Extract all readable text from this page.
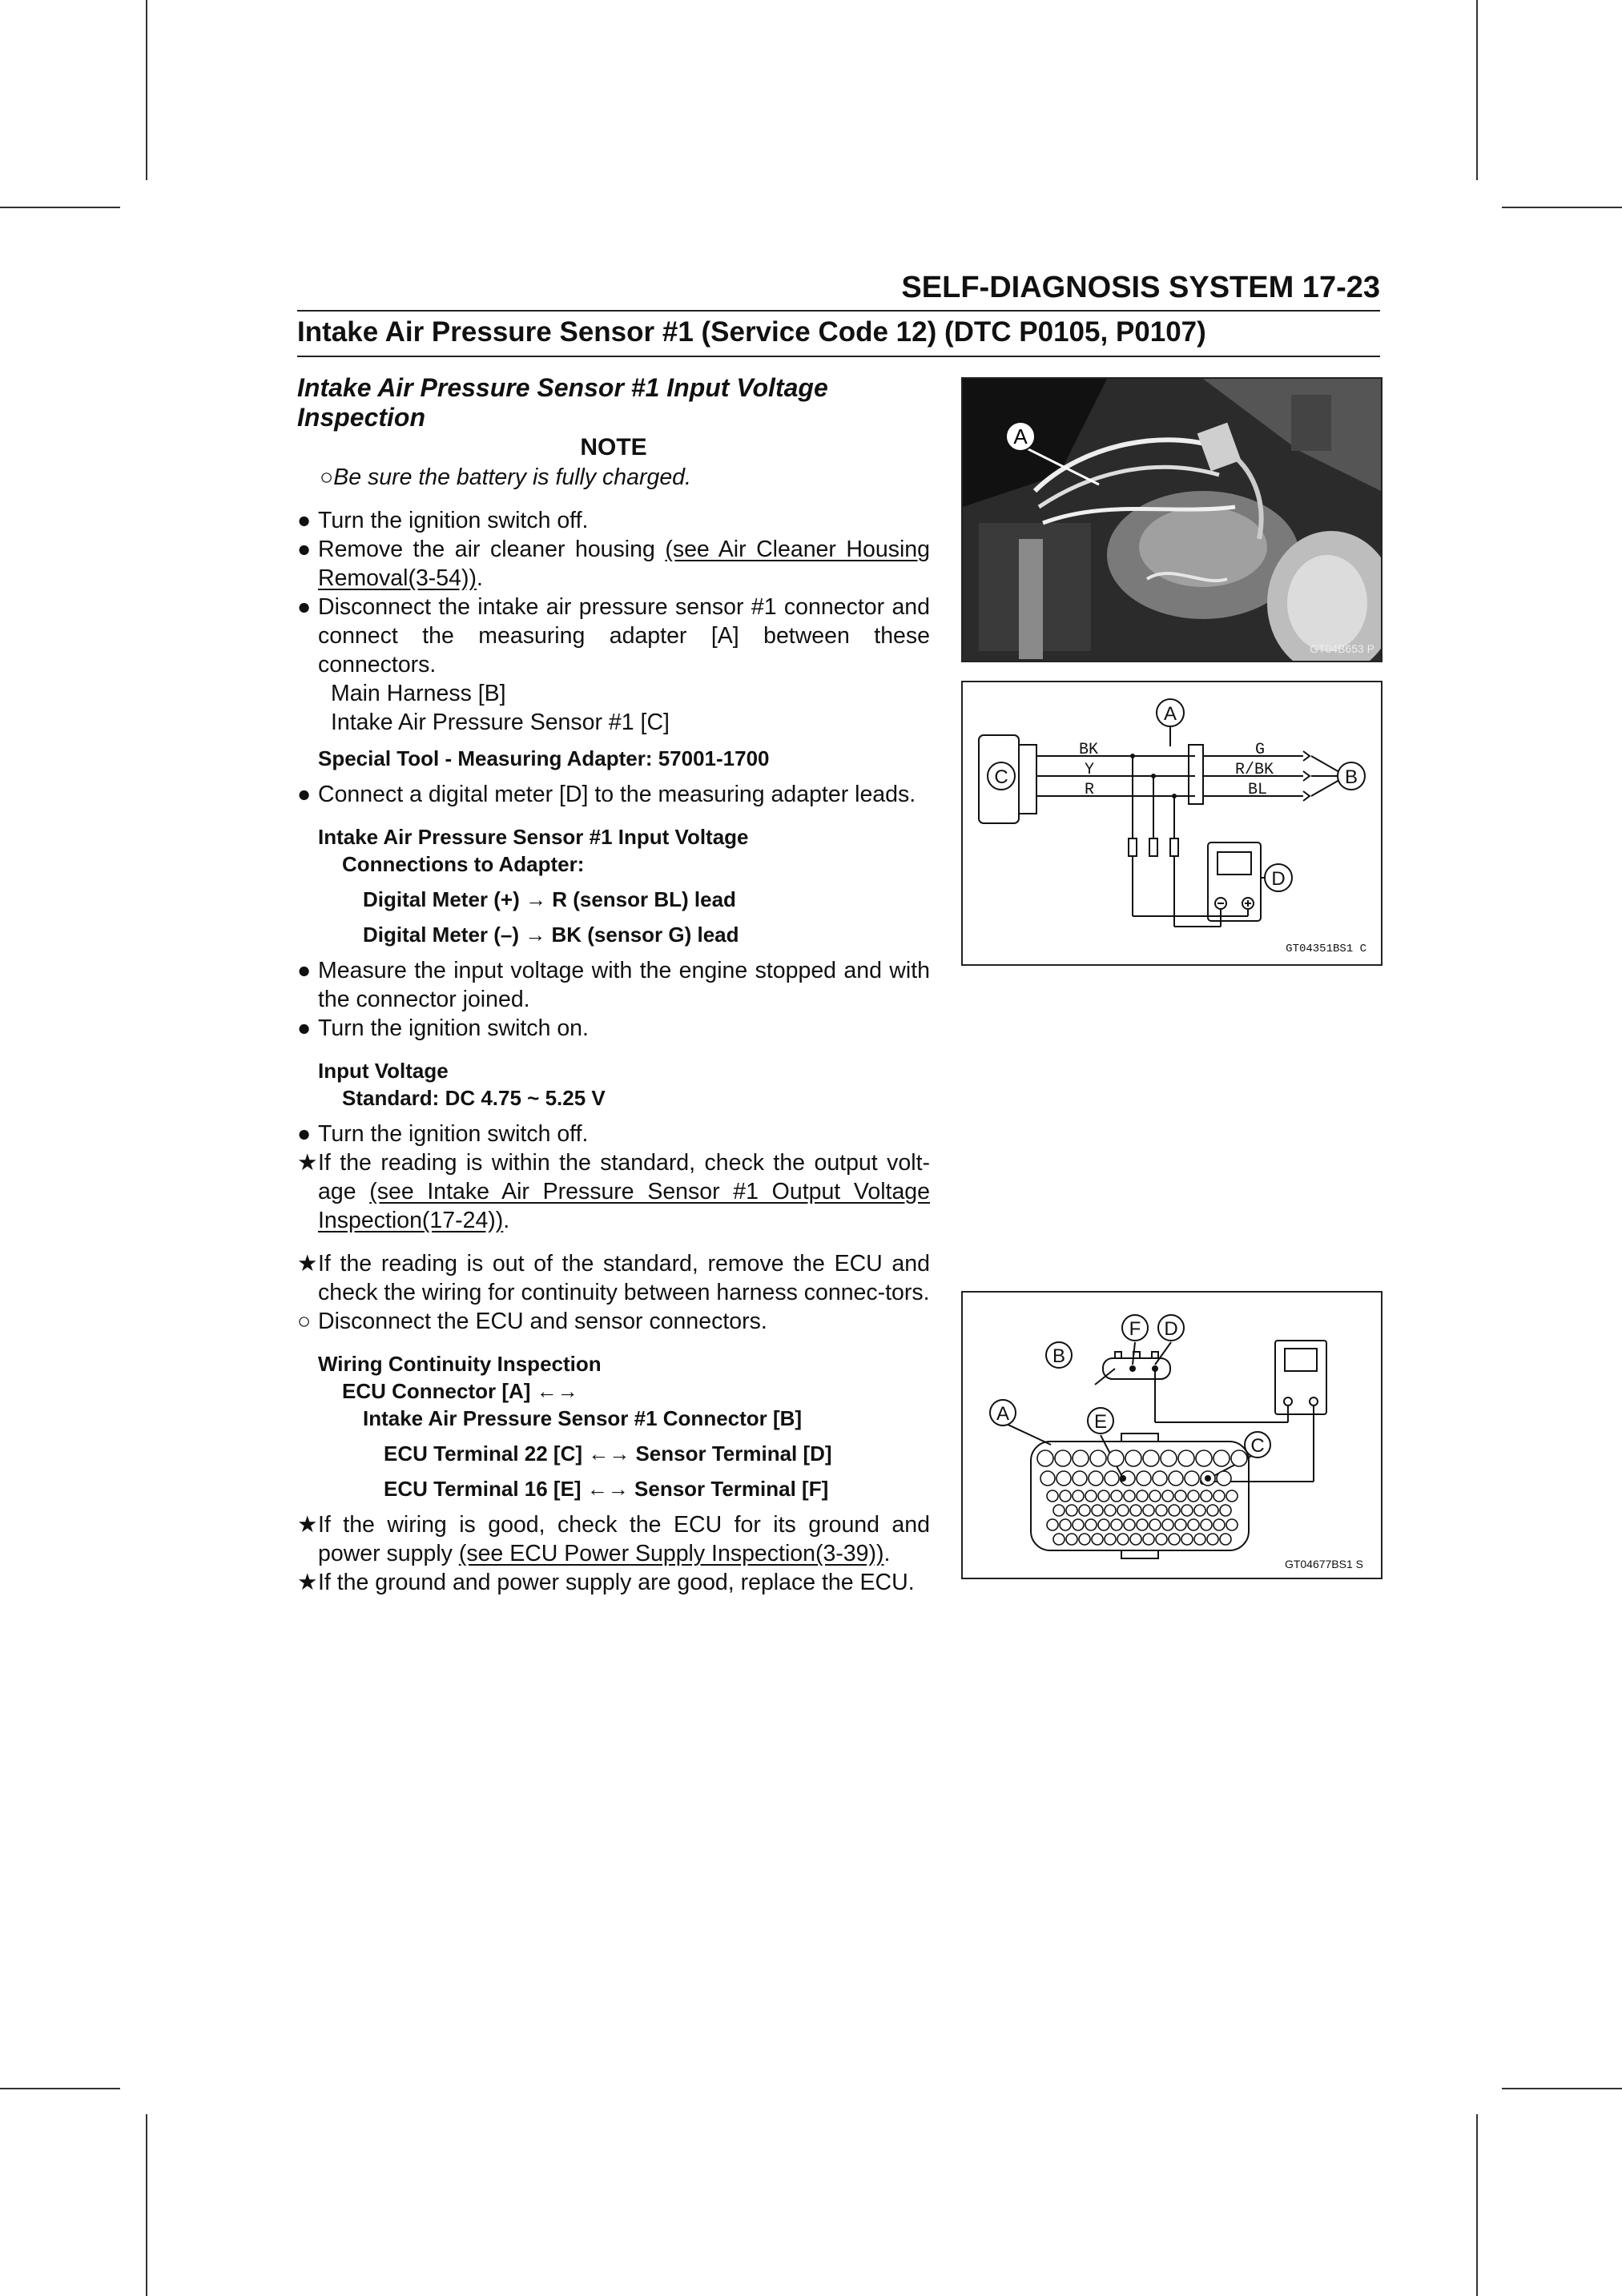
SELF-DIAGNOSIS SYSTEM 17-23
Intake Air Pressure Sensor #1 (Service Code 12) (DTC P0105, P0107)

Intake Air Pressure Sensor #1 Input Voltage Inspection

NOTE

○Be sure the battery is fully charged.

● Turn the ignition switch off.

● Remove the air cleaner housing (see Air Cleaner Housing Removal(3-54)).

● Disconnect the intake air pressure sensor #1 connector and connect the measuring adapter [A] between these connectors.

Main Harness [B]

Intake Air Pressure Sensor #1 [C]

Special Tool - Measuring Adapter: 57001-1700

● Connect a digital meter [D] to the measuring adapter leads.

Intake Air Pressure Sensor #1 Input Voltage

Connections to Adapter:

Digital Meter (+) → R (sensor BL) lead

Digital Meter (–) → BK (sensor G) lead

● Measure the input voltage with the engine stopped and with the connector joined.

● Turn the ignition switch on.

Input Voltage

Standard: DC 4.75 ~ 5.25 V

● Turn the ignition switch off.

★ If the reading is within the standard, check the output volt-age (see Intake Air Pressure Sensor #1 Output Voltage Inspection(17-24)).

★ If the reading is out of the standard, remove the ECU and check the wiring for continuity between harness connec-tors.

○ Disconnect the ECU and sensor connectors.

Wiring Continuity Inspection

ECU Connector [A] ←→

Intake Air Pressure Sensor #1 Connector [B]

ECU Terminal 22 [C] ←→ Sensor Terminal [D]

ECU Terminal 16 [E] ←→ Sensor Terminal [F]

★ If the wiring is good, check the ECU for its ground and power supply (see ECU Power Supply Inspection(3-39)).

★ If the ground and power supply are good, replace the ECU.

A
GT04B653 P
BK
Y
R
G
R/BK
BL
C	B
A
D
GT04351BS1 C
A
B
C
D
E
F
GT04677BS1 S
